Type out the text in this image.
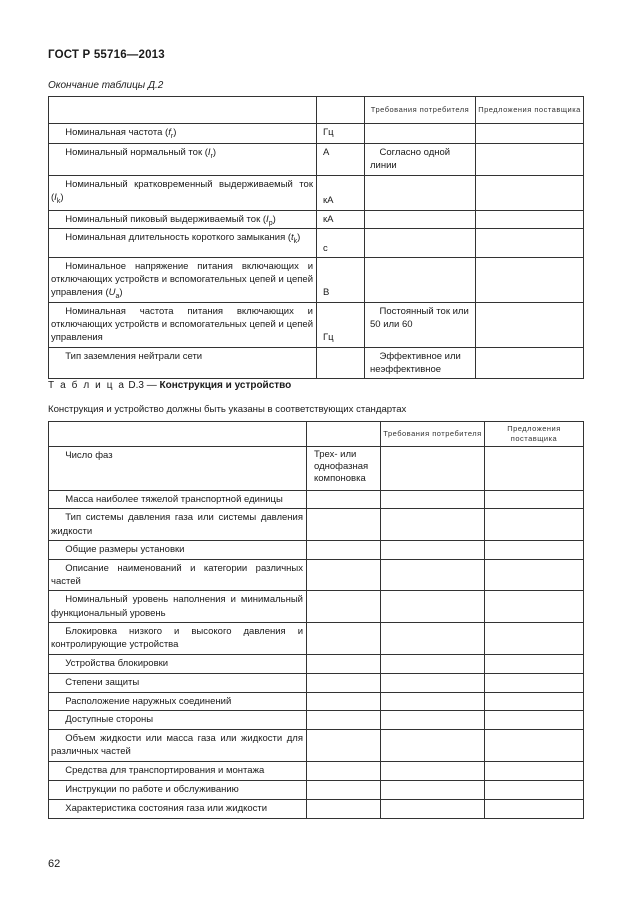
ГОСТ Р 55716—2013
Окончание таблицы Д.2
		Требования потребителя	Предложения поставщика
  Номинальная частота $(f_r)$	Гц		
  Номинальный нормальный ток $(I_r)$	А	 Согласно одной линии	
  Номинальный кратковременный выдерживаемый ток $(I_k)$	кА		
  Номинальный пиковый выдерживаемый ток $(I_p)$	кА		
  Номинальная длительность короткого замыкания $(t_k)$	с		
  Номинальное напряжение питания включающих и отключающих устройств и вспомогательных цепей и цепей управления $(U_a)$	В		
  Номинальная частота питания включающих и отключающих устройств и вспомогательных цепей и цепей управления	Гц	 Постоянный ток или 50 или 60	
  Тип заземления нейтрали сети		 Эффективное или неэффективное	
Т а б л и ц а D.3 — Конструкция и устройство
Конструкция и устройство должны быть указаны в соответствующих стандартах
		Требования потребителя	Предложения поставщика
  Число фаз	Трех- или однофазная компоновка		
  Масса наиболее тяжелой транспортной единицы			
  Тип системы давления газа или системы давления жидкости			
  Общие размеры установки			
  Описание наименований и категории различных частей			
  Номинальный уровень наполнения и минимальный функциональный уровень			
  Блокировка низкого и высокого давления и контролирующие устройства			
  Устройства блокировки			
  Степени защиты			
  Расположение наружных соединений			
  Доступные стороны			
  Объем жидкости или масса газа или жидкости для различных частей			
  Средства для транспортирования и монтажа			
  Инструкции по работе и обслуживанию			
  Характеристика состояния газа или жидкости			
62
